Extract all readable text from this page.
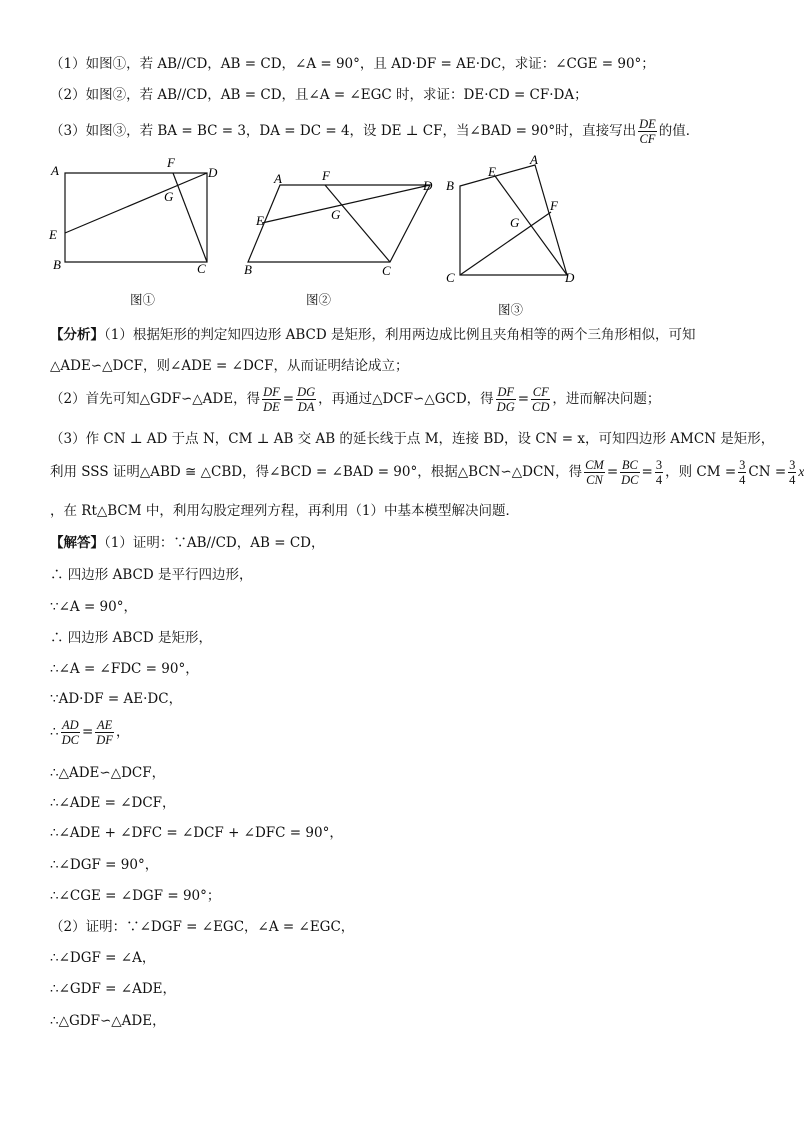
（1）如图①，若 AB//CD，AB = CD，∠A = 90°，且 AD·DF = AE·DC，求证：∠CGE = 90°；
（2）如图②，若 AB//CD，AB = CD，且∠A = ∠EGC 时，求证：DE·CD = CF·DA；
（3）如图③，若 BA = BC = 3，DA = DC = 4，设 DE ⊥ CF，当∠BAD = 90°时，直接写出 $\frac{DE}{CF}$ 的值．
A
B	C
D
E
F
G
图①
A
B	C
D
E
F
G
图②
A
B
C	D
E
F
G
图③
【分析】（1）根据矩形的判定知四边形 ABCD 是矩形，利用两边成比例且夹角相等的两个三角形相似，可知
△ADE∽△DCF，则∠ADE = ∠DCF，从而证明结论成立；
（2）首先可知△GDF∽△ADE，得 $\frac{DF}{DE} = \frac{DG}{DA}$ ，再通过△DCF∽△GCD，得 $\frac{DF}{DG} = \frac{CF}{CD}$ ，进而解决问题；
（3）作 CN ⊥ AD 于点 N，CM ⊥ AB 交 AB 的延长线于点 M，连接 BD，设 CN = x，可知四边形 AMCN 是矩形，
利用 SSS 证明△ABD ≅ △CBD，得∠BCD = ∠BAD = 90°，根据△BCN∽△DCN，得 $\frac{CM}{CN} = \frac{BC}{DC} = \frac{3}{4}$ ，则 CM = $\frac{3}{4}$ CN = $\frac{3}{4}$ x
，在 Rt△BCM 中，利用勾股定理列方程，再利用（1）中基本模型解决问题．
【解答】（1）证明：∵AB//CD，AB = CD，
∴ 四边形 ABCD 是平行四边形，
∵∠A = 90°，
∴ 四边形 ABCD 是矩形，
∴∠A = ∠FDC = 90°，
∵AD·DF = AE·DC，
∴ $\frac{AD}{DC} = \frac{AE}{DF}$ ，
∴△ADE∽△DCF，
∴∠ADE = ∠DCF，
∴∠ADE + ∠DFC = ∠DCF + ∠DFC = 90°，
∴∠DGF = 90°，
∴∠CGE = ∠DGF = 90°；
（2）证明：∵∠DGF = ∠EGC，∠A = ∠EGC，
∴∠DGF = ∠A，
∴∠GDF = ∠ADE，
∴△GDF∽△ADE，
